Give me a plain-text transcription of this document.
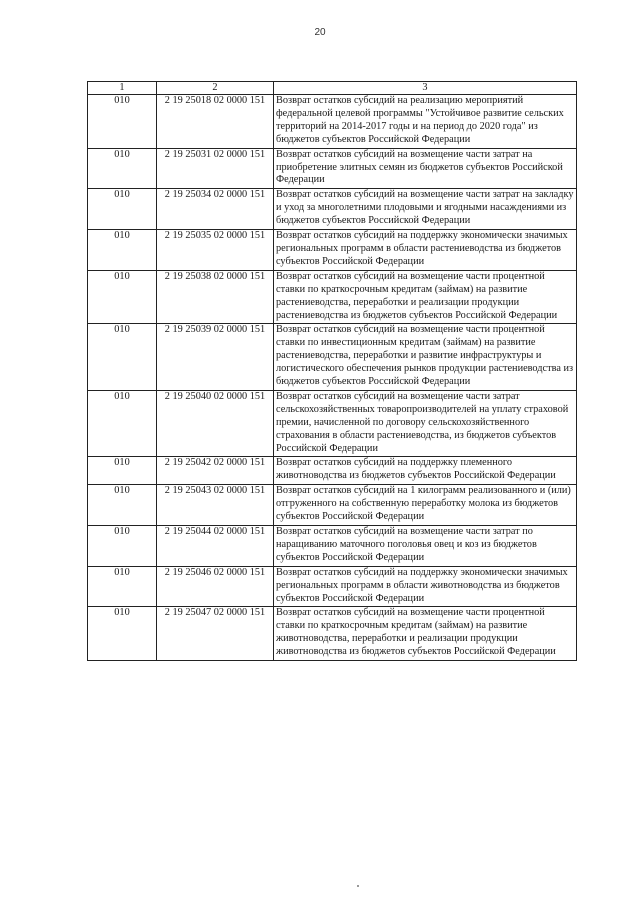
20
1	2	3
010	2 19 25018 02 0000 151	Возврат остатков субсидий на реализацию мероприятий федеральной целевой программы "Устойчивое развитие сельских территорий на 2014-2017 годы и на период до 2020 года" из бюджетов субъектов Российской Федерации
010	2 19 25031 02 0000 151	Возврат остатков субсидий на возмещение части затрат на приобретение элитных семян из бюджетов субъектов Российской Федерации
010	2 19 25034 02 0000 151	Возврат остатков субсидий на возмещение части затрат на закладку и уход за многолетними плодовыми и ягодными насаждениями из бюджетов субъектов Российской Федерации
010	2 19 25035 02 0000 151	Возврат остатков субсидий на поддержку экономически значимых региональных программ в области растениеводства из бюджетов субъектов Российской Федерации
010	2 19 25038 02 0000 151	Возврат остатков субсидий на возмещение части процентной ставки по краткосрочным кредитам (займам) на развитие растениеводства, переработки и реализации продукции растениеводства из бюджетов субъектов Российской Федерации
010	2 19 25039 02 0000 151	Возврат остатков субсидий на возмещение части процентной ставки по инвестиционным кредитам (займам) на развитие растениеводства, переработки и развитие инфраструктуры и логистического обеспечения рынков продукции растениеводства из бюджетов субъектов Российской Федерации
010	2 19 25040 02 0000 151	Возврат остатков субсидий на возмещение части затрат сельскохозяйственных товаропроизводителей на уплату страховой премии, начисленной по договору сельскохозяйственного страхования в области растениеводства, из бюджетов субъектов Российской Федерации
010	2 19 25042 02 0000 151	Возврат остатков субсидий на поддержку племенного животноводства из бюджетов субъектов Российской Федерации
010	2 19 25043 02 0000 151	Возврат остатков субсидий на 1 килограмм реализованного и (или) отгруженного на собственную переработку молока из бюджетов субъектов Российской Федерации
010	2 19 25044 02 0000 151	Возврат остатков субсидий на возмещение части затрат по наращиванию маточного поголовья овец и коз из бюджетов субъектов Российской Федерации
010	2 19 25046 02 0000 151	Возврат остатков субсидий на поддержку экономически значимых региональных программ в области животноводства из бюджетов субъектов Российской Федерации
010	2 19 25047 02 0000 151	Возврат остатков субсидий на возмещение части процентной ставки по краткосрочным кредитам (займам) на развитие животноводства, переработки и реализации продукции животноводства из бюджетов субъектов Российской Федерации
